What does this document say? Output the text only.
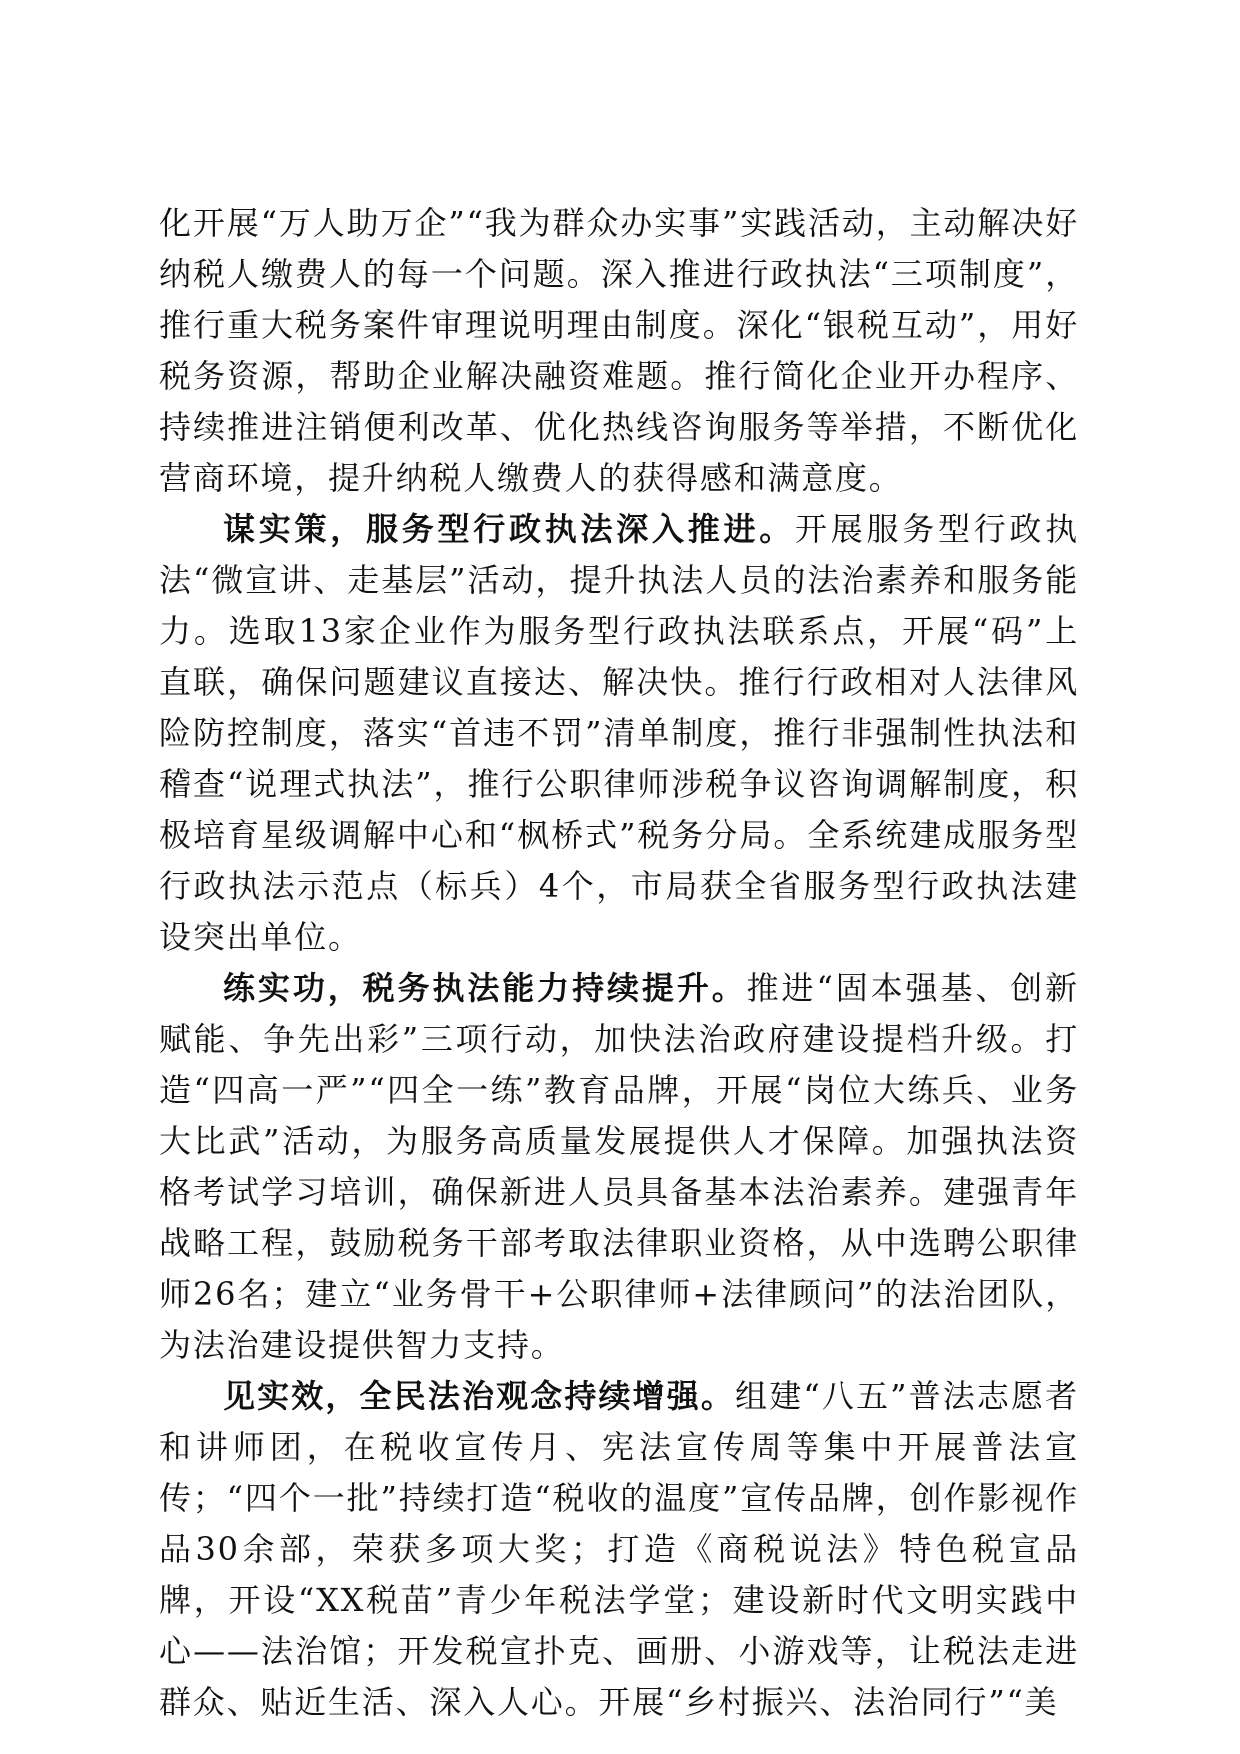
化开展“万人助万企”“我为群众办实事”实践活动，主动解决好纳税人缴费人的每一个问题。深入推进行政执法“三项制度”，推行重大税务案件审理说明理由制度。深化“银税互动”，用好税务资源，帮助企业解决融资难题。推行简化企业开办程序、持续推进注销便利改革、优化热线咨询服务等举措，不断优化营商环境，提升纳税人缴费人的获得感和满意度。

谋实策，服务型行政执法深入推进。开展服务型行政执法“微宣讲、走基层”活动，提升执法人员的法治素养和服务能力。选取13家企业作为服务型行政执法联系点，开展“码”上直联，确保问题建议直接达、解决快。推行行政相对人法律风险防控制度，落实“首违不罚”清单制度，推行非强制性执法和稽查“说理式执法”，推行公职律师涉税争议咨询调解制度，积极培育星级调解中心和“枫桥式”税务分局。全系统建成服务型行政执法示范点（标兵）4个，市局获全省服务型行政执法建设突出单位。

练实功，税务执法能力持续提升。推进“固本强基、创新赋能、争先出彩”三项行动，加快法治政府建设提档升级。打造“四高一严”“四全一练”教育品牌，开展“岗位大练兵、业务大比武”活动，为服务高质量发展提供人才保障。加强执法资格考试学习培训，确保新进人员具备基本法治素养。建强青年战略工程，鼓励税务干部考取法律职业资格，从中选聘公职律师26名；建立“业务骨干+公职律师+法律顾问”的法治团队，为法治建设提供智力支持。

见实效，全民法治观念持续增强。组建“八五”普法志愿者和讲师团，在税收宣传月、宪法宣传周等集中开展普法宣传；“四个一批”持续打造“税收的温度”宣传品牌，创作影视作品30余部，荣获多项大奖；打造《商税说法》特色税宣品牌，开设“XX税苗”青少年税法学堂；建设新时代文明实践中心——法治馆；开发税宣扑克、画册、小游戏等，让税法走进群众、贴近生活、深入人心。开展“乡村振兴、法治同行”“美
